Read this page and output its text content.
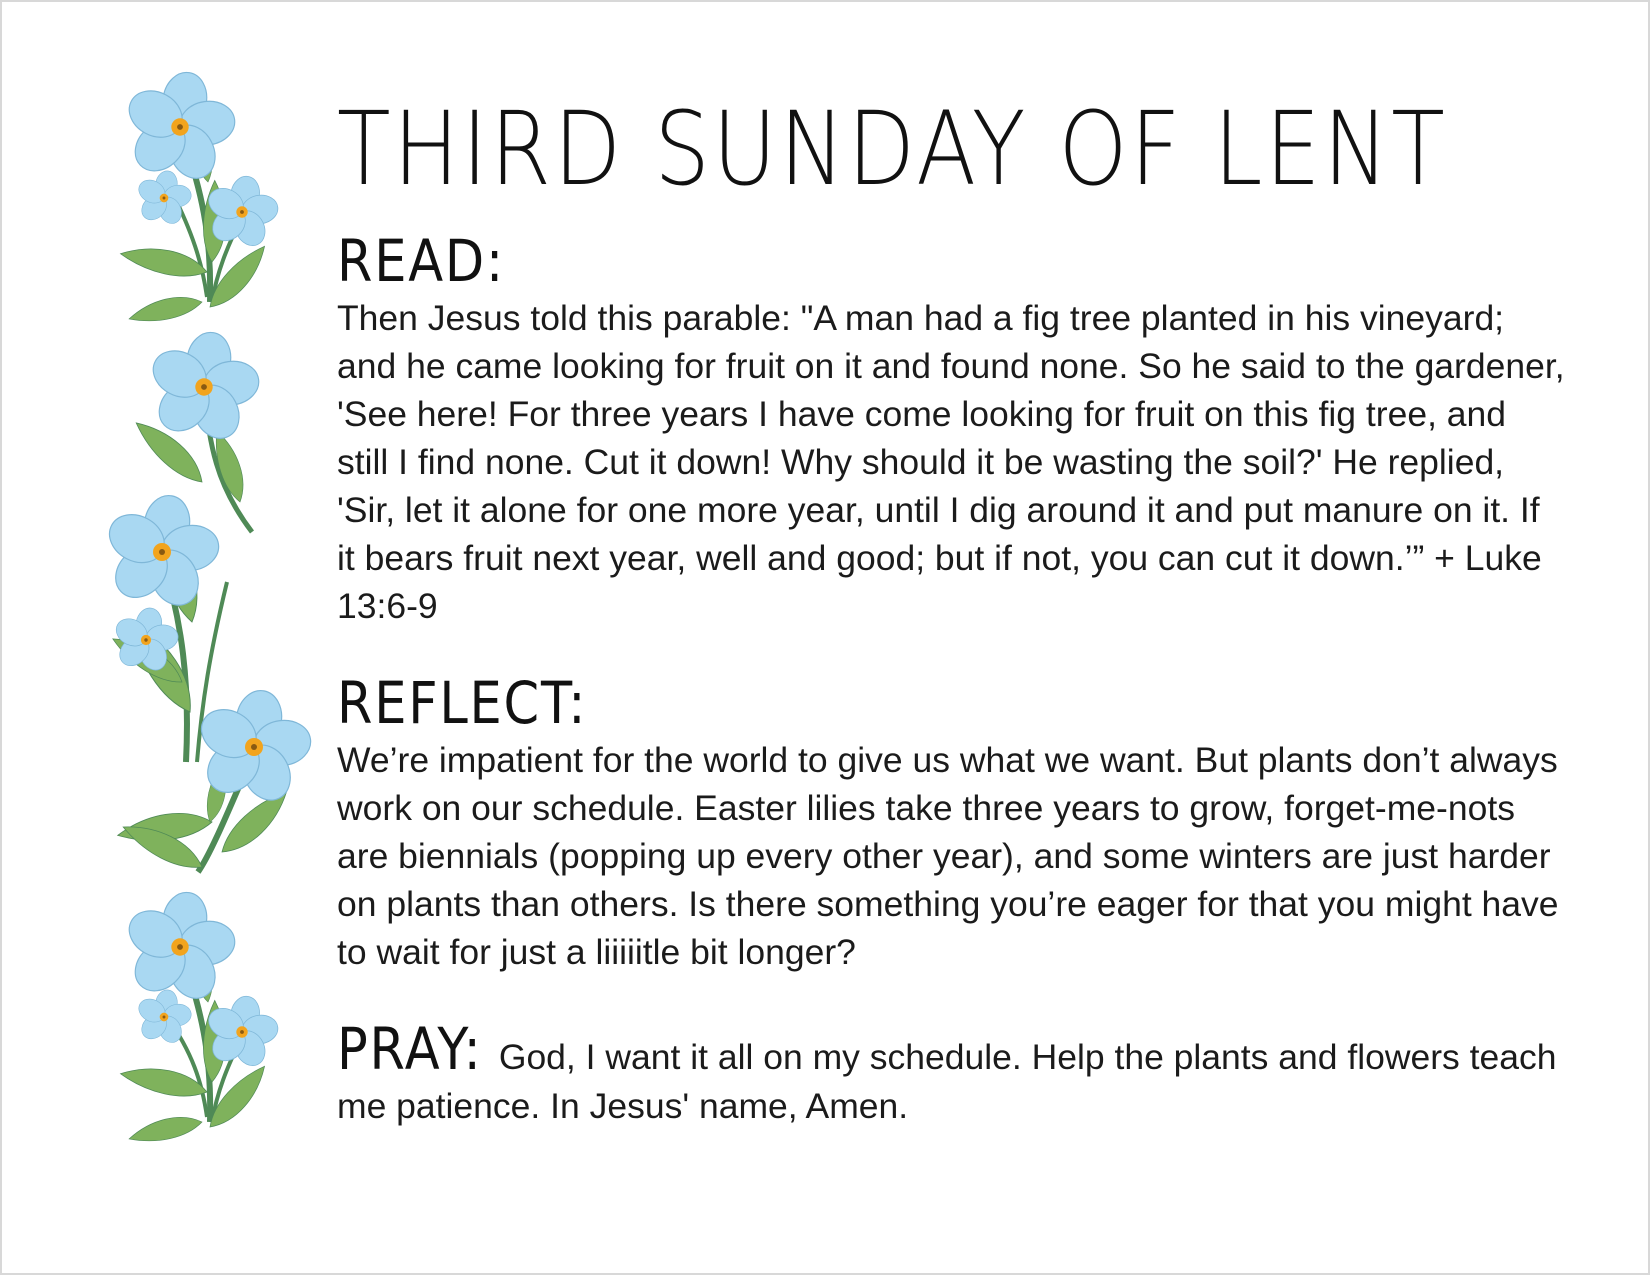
THIRD SUNDAY OF LENT
READ:

Then Jesus told this parable: "A man had a fig tree planted in his vineyard; and he came looking for fruit on it and found none. So he said to the gardener, 'See here! For three years I have come looking for fruit on this fig tree, and still I find none. Cut it down! Why should it be wasting the soil?' He replied, 'Sir, let it alone for one more year, until I dig around it and put manure on it. If it bears fruit next year, well and good; but if not, you can cut it down.’” + Luke 13:6-9

REFLECT:

We’re impatient for the world to give us what we want. But plants don’t always work on our schedule. Easter lilies take three years to grow, forget-me-nots are biennials (popping up every other year), and some winters are just harder on plants than others. Is there something you’re eager for that you might have to wait for just a liiiiitle bit longer?

PRAY: God, I want it all on my schedule. Help the plants and flowers teach me patience. In Jesus' name, Amen.
